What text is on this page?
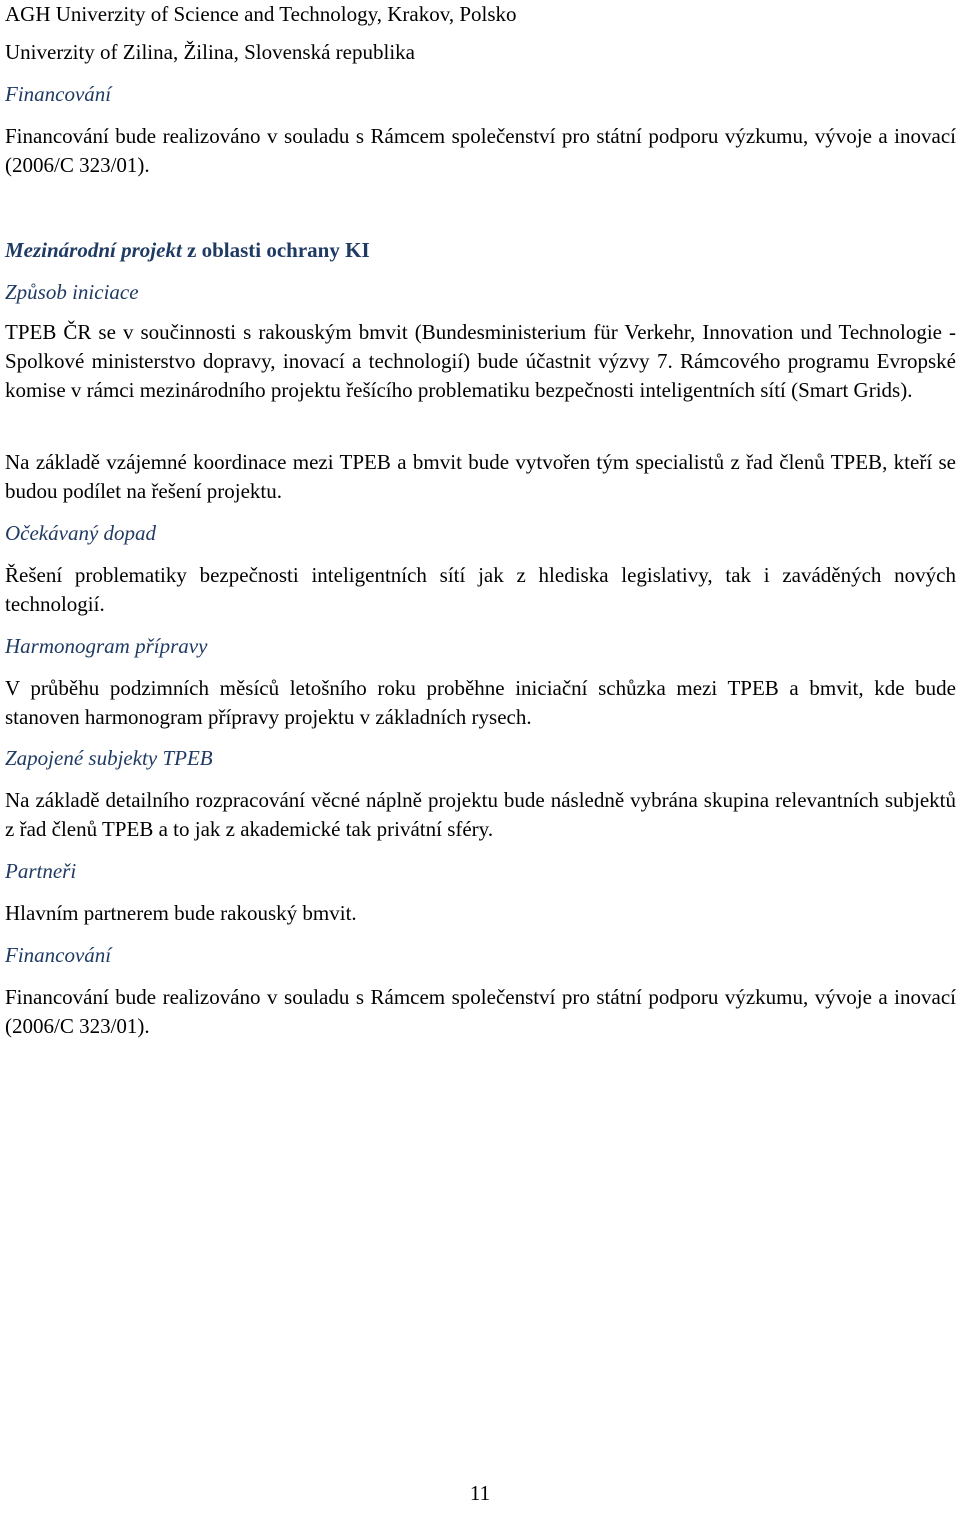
AGH Univerzity of Science and Technology, Krakov, Polsko

Univerzity of Zilina, Žilina, Slovenská republika

Financování

Financování bude realizováno v souladu s Rámcem společenství pro státní podporu výzkumu, vývoje a inovací (2006/C 323/01).

Mezinárodní projekt z oblasti ochrany KI

Způsob iniciace

TPEB ČR se v součinnosti s rakouským bmvit (Bundesministerium für Verkehr, Innovation und Technologie - Spolkové ministerstvo dopravy, inovací a technologií) bude účastnit výzvy 7. Rámcového programu Evropské komise v rámci mezinárodního projektu řešícího problematiku bezpečnosti inteligentních sítí (Smart Grids).

Na základě vzájemné koordinace mezi TPEB a bmvit bude vytvořen tým specialistů z řad členů TPEB, kteří se budou podílet na řešení projektu.

Očekávaný dopad

Řešení problematiky bezpečnosti inteligentních sítí jak z hlediska legislativy, tak i zaváděných nových technologií.

Harmonogram přípravy

V průběhu podzimních měsíců letošního roku proběhne iniciační schůzka mezi TPEB a bmvit, kde bude stanoven harmonogram přípravy projektu v základních rysech.

Zapojené subjekty TPEB

Na základě detailního rozpracování věcné náplně projektu bude následně vybrána skupina relevantních subjektů z řad členů TPEB a to jak z akademické tak privátní sféry.

Partneři

Hlavním partnerem bude rakouský bmvit.

Financování

Financování bude realizováno v souladu s Rámcem společenství pro státní podporu výzkumu, vývoje a inovací (2006/C 323/01).

11
